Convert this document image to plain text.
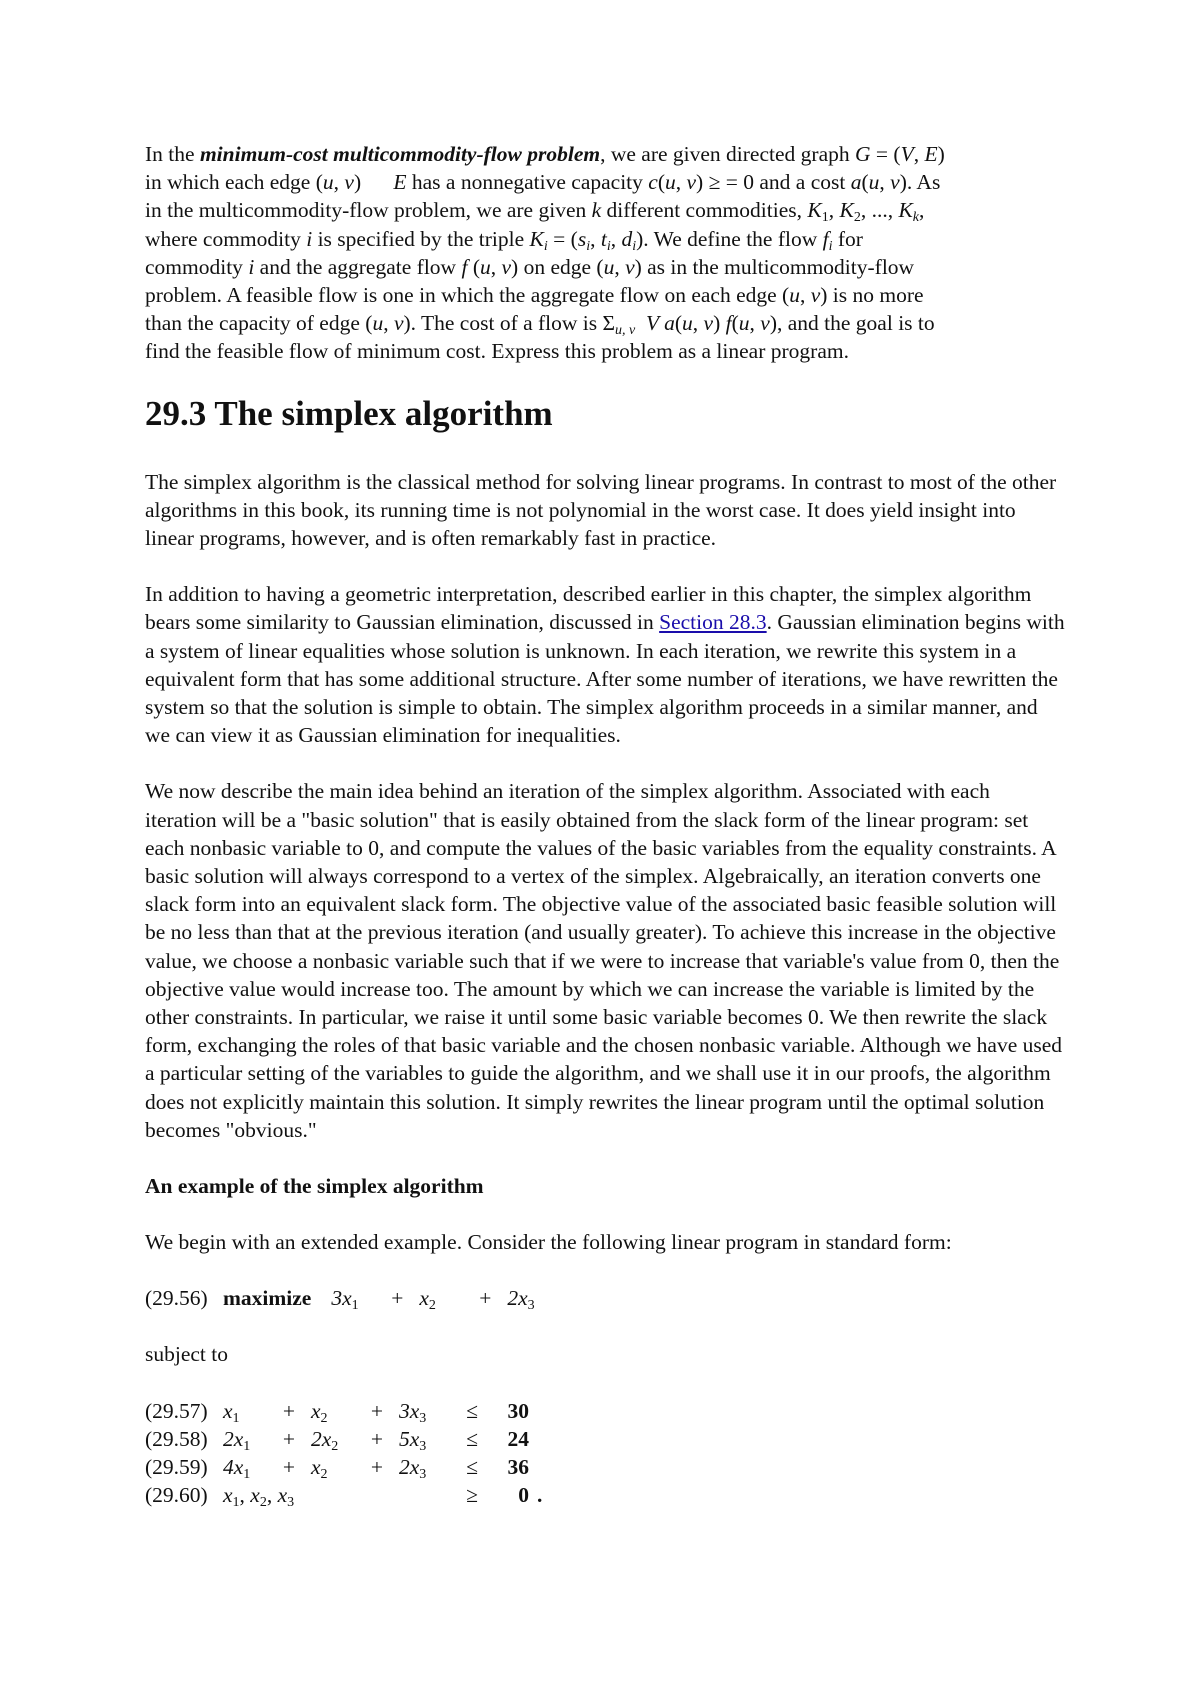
In the minimum-cost multicommodity-flow problem, we are given directed graph G = (V, E)
in which each edge (u, v)      E has a nonnegative capacity c(u, v) ≥ = 0 and a cost a(u, v). As
in the multicommodity-flow problem, we are given k different commodities, $K_1$, $K_2$, ..., $K_k$,
where commodity i is specified by the triple $K_i = (s_i$, $t_i$, $d_i$). We define the flow $f_i$ for
commodity i and the aggregate flow f (u, v) on edge (u, v) as in the multicommodity-flow
problem. A feasible flow is one in which the aggregate flow on each edge (u, v) is no more
than the capacity of edge (u, v). The cost of a flow is $\Sigma_{u, v}$  V a(u, v) f(u, v), and the goal is to
find the feasible flow of minimum cost. Express this problem as a linear program.

29.3 The simplex algorithm

The simplex algorithm is the classical method for solving linear programs. In contrast to most of the other algorithms in this book, its running time is not polynomial in the worst case. It does yield insight into linear programs, however, and is often remarkably fast in practice.

In addition to having a geometric interpretation, described earlier in this chapter, the simplex algorithm bears some similarity to Gaussian elimination, discussed in Section 28.3. Gaussian elimination begins with a system of linear equalities whose solution is unknown. In each iteration, we rewrite this system in a equivalent form that has some additional structure. After some number of iterations, we have rewritten the system so that the solution is simple to obtain. The simplex algorithm proceeds in a similar manner, and we can view it as Gaussian elimination for inequalities.

We now describe the main idea behind an iteration of the simplex algorithm. Associated with each iteration will be a "basic solution" that is easily obtained from the slack form of the linear program: set each nonbasic variable to 0, and compute the values of the basic variables from the equality constraints. A basic solution will always correspond to a vertex of the simplex. Algebraically, an iteration converts one slack form into an equivalent slack form. The objective value of the associated basic feasible solution will be no less than that at the previous iteration (and usually greater). To achieve this increase in the objective value, we choose a nonbasic variable such that if we were to increase that variable's value from 0, then the objective value would increase too. The amount by which we can increase the variable is limited by the other constraints. In particular, we raise it until some basic variable becomes 0. We then rewrite the slack form, exchanging the roles of that basic variable and the chosen nonbasic variable. Although we have used a particular setting of the variables to guide the algorithm, and we shall use it in our proofs, the algorithm does not explicitly maintain this solution. It simply rewrites the linear program until the optimal solution becomes "obvious."

An example of the simplex algorithm

We begin with an extended example. Consider the following linear program in standard form:

(29.56) maximize $3x_1$	+ $x_2$	+ $2x_3$

subject to

(29.57) $x_1$	+ $x_2$	+ $3x_3$	≤	30
(29.58) $2x_1$	+ $2x_2$	+ $5x_3$	≤	24
(29.59) $4x_1$	+ $x_2$	+ $2x_3$	≤	36
(29.60) $x_1$, $x_2$, $x_3$	≥	0 .
